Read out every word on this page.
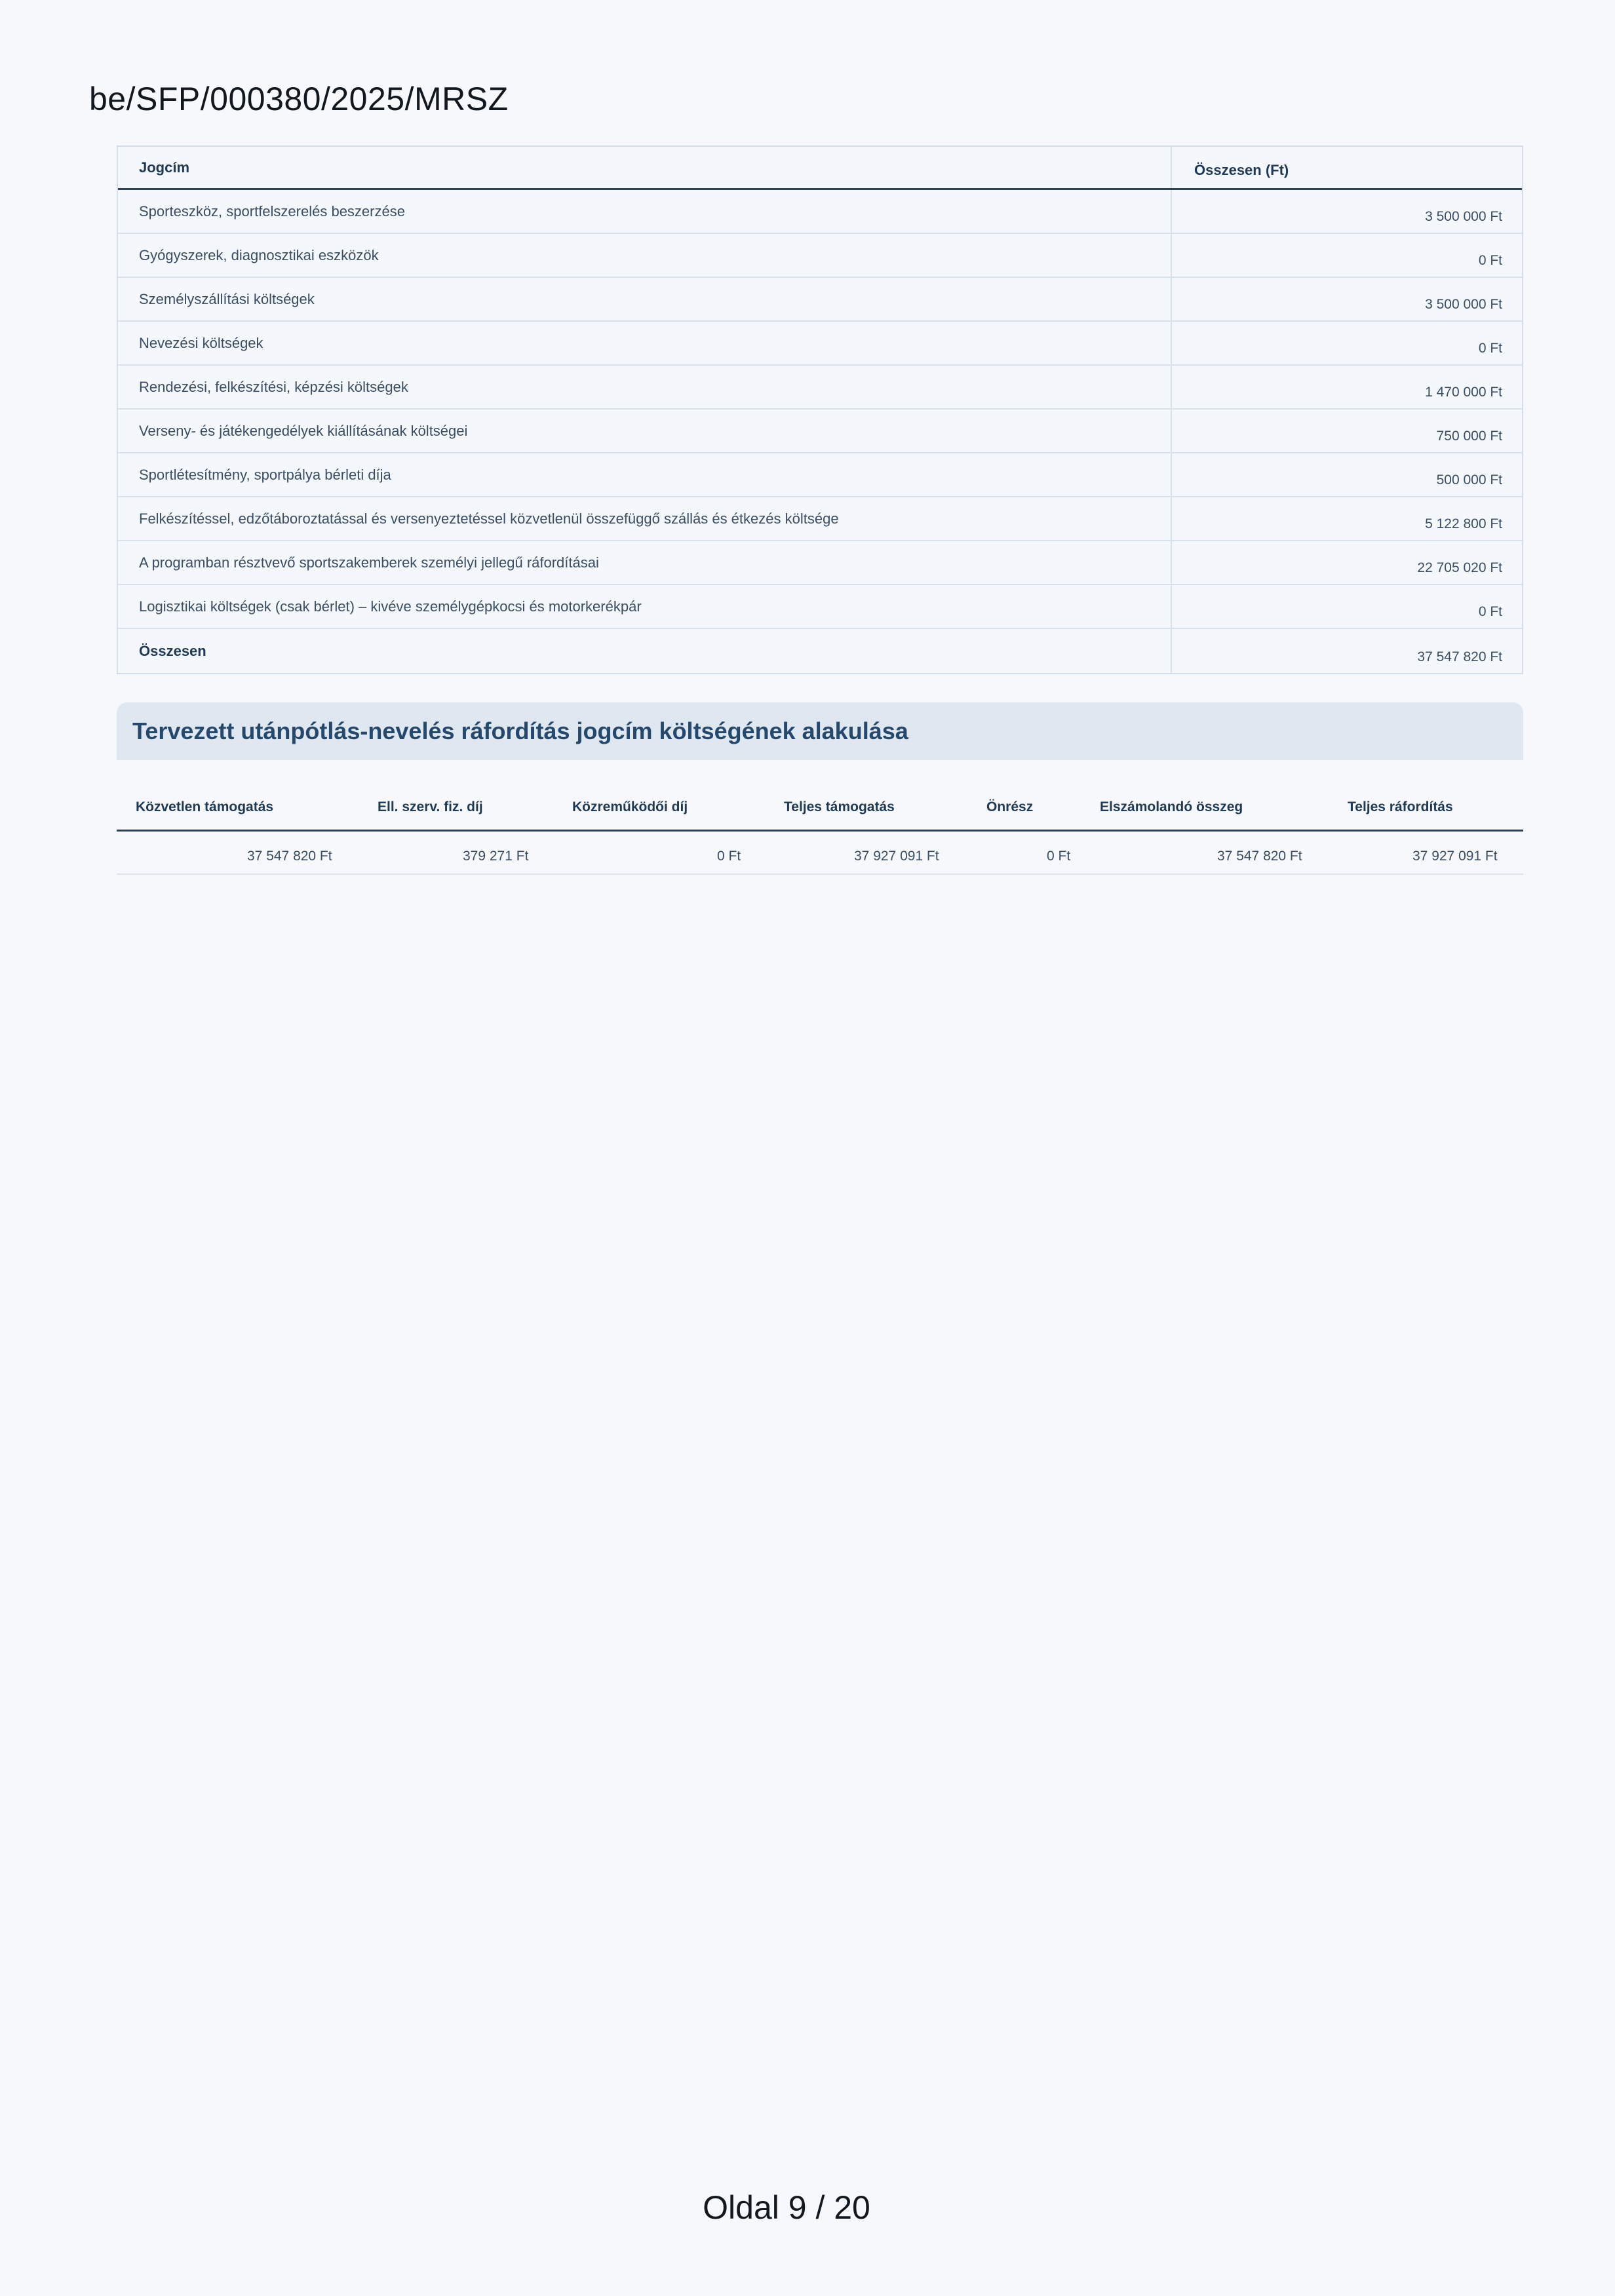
be/SFP/000380/2025/MRSZ
Jogcím	Összesen (Ft)
Sporteszköz, sportfelszerelés beszerzése	3 500 000 Ft
Gyógyszerek, diagnosztikai eszközök	0 Ft
Személyszállítási költségek	3 500 000 Ft
Nevezési költségek	0 Ft
Rendezési, felkészítési, képzési költségek	1 470 000 Ft
Verseny- és játékengedélyek kiállításának költségei	750 000 Ft
Sportlétesítmény, sportpálya bérleti díja	500 000 Ft
Felkészítéssel, edzőtáboroztatással és versenyeztetéssel közvetlenül összefüggő szállás és étkezés költsége	5 122 800 Ft
A programban résztvevő sportszakemberek személyi jellegű ráfordításai	22 705 020 Ft
Logisztikai költségek (csak bérlet) – kivéve személygépkocsi és motorkerékpár	0 Ft
Összesen	37 547 820 Ft
Tervezett utánpótlás-nevelés ráfordítás jogcím költségének alakulása
Közvetlen támogatás	Ell. szerv. fiz. díj	Közreműködői díj	Teljes támogatás	Önrész	Elszámolandó összeg	Teljes ráfordítás
37 547 820 Ft	379 271 Ft	0 Ft	37 927 091 Ft	0 Ft	37 547 820 Ft	37 927 091 Ft
Oldal 9 / 20
